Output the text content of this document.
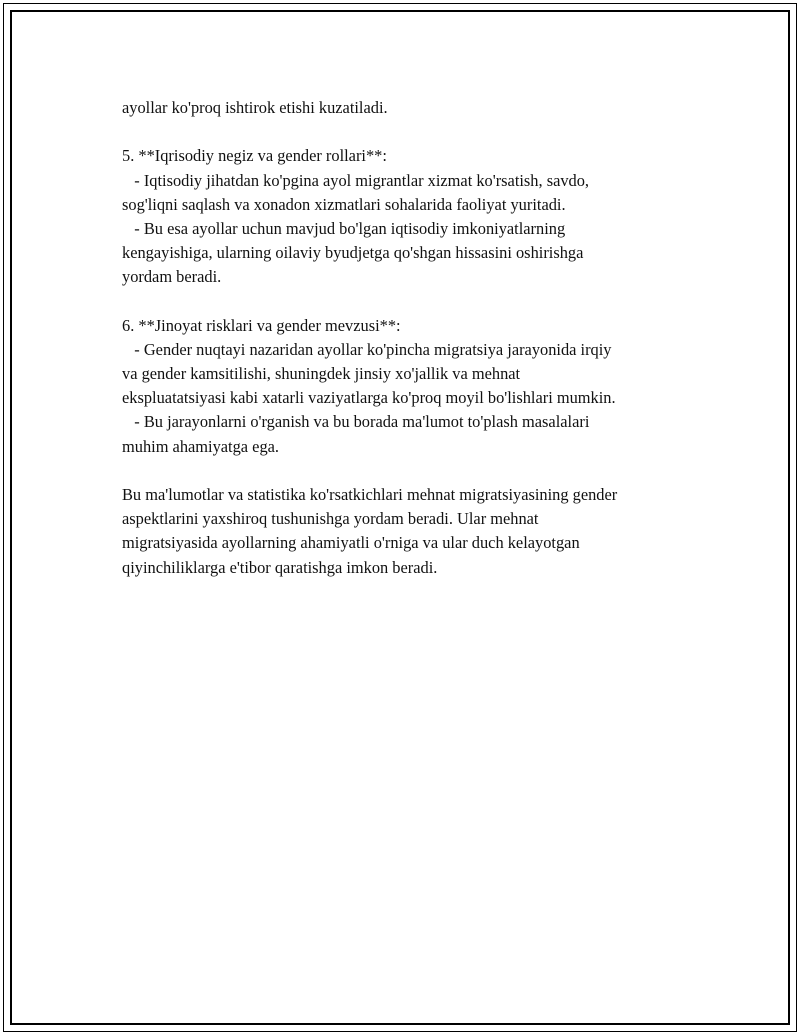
ayollar ko'proq ishtirok etishi kuzatiladi.
5. **Iqrisodiy negiz va gender rollari**:
- Iqtisodiy jihatdan ko'pgina ayol migrantlar xizmat ko'rsatish, savdo,
sog'liqni saqlash va xonadon xizmatlari sohalarida faoliyat yuritadi.
- Bu esa ayollar uchun mavjud bo'lgan iqtisodiy imkoniyatlarning
kengayishiga, ularning oilaviy byudjetga qo'shgan hissasini oshirishga
yordam beradi.
6. **Jinoyat risklari va gender mevzusi**:
- Gender nuqtayi nazaridan ayollar ko'pincha migratsiya jarayonida irqiy
va gender kamsitilishi, shuningdek jinsiy xo'jallik va mehnat
ekspluatatsiyasi kabi xatarli vaziyatlarga ko'proq moyil bo'lishlari mumkin.
- Bu jarayonlarni o'rganish va bu borada ma'lumot to'plash masalalari
muhim ahamiyatga ega.
Bu ma'lumotlar va statistika ko'rsatkichlari mehnat migratsiyasining gender
aspektlarini yaxshiroq tushunishga yordam beradi. Ular mehnat
migratsiyasida ayollarning ahamiyatli o'rniga va ular duch kelayotgan
qiyinchiliklarga e'tibor qaratishga imkon beradi.
